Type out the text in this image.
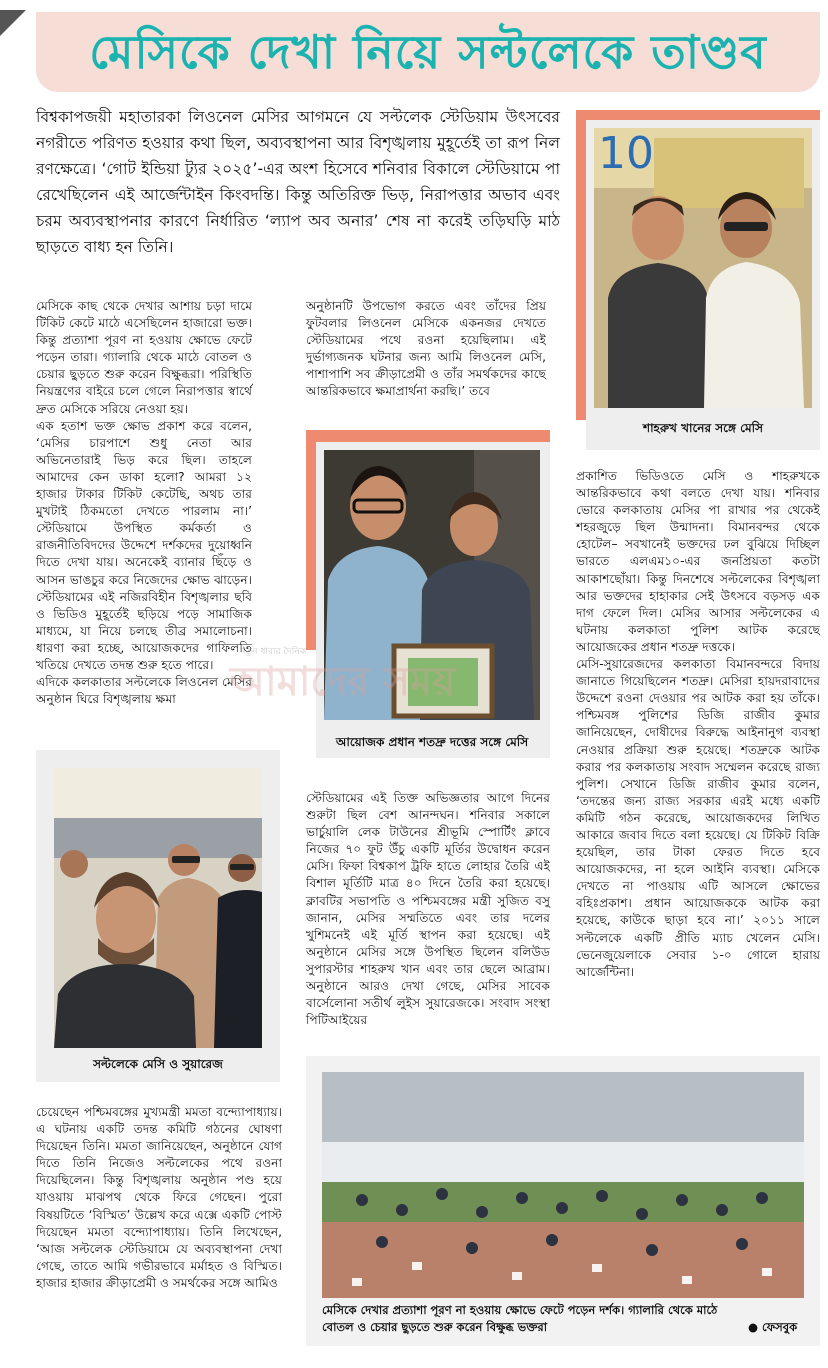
মেসিকে দেখা নিয়ে সল্টলেকে তাণ্ডব
বিশ্বকাপজয়ী মহাতারকা লিওনেল মেসির আগমনে যে সল্টলেক স্টেডিয়াম উৎসবের নগরীতে পরিণত হওয়ার কথা ছিল, অব্যবস্থাপনা আর বিশৃঙ্খলায় মুহূর্তেই তা রূপ নিল রণক্ষেত্রে। ‘গোট ইন্ডিয়া ট্যুর ২০২৫’-এর অংশ হিসেবে শনিবার বিকালে স্টেডিয়ামে পা রেখেছিলেন এই আর্জেন্টাইন কিংবদন্তি। কিন্তু অতিরিক্ত ভিড়, নিরাপত্তার অভাব এবং চরম অব্যবস্থাপনার কারণে নির্ধারিত ‘ল্যাপ অব অনার’ শেষ না করেই তড়িঘড়ি মাঠ ছাড়তে বাধ্য হন তিনি।
10
শাহরুখ খানের সঙ্গে মেসি
মেসিকে কাছ থেকে দেখার আশায় চড়া দামে টিকিট কেটে মাঠে এসেছিলেন হাজারো ভক্ত। কিন্তু প্রত্যাশা পূরণ না হওয়ায় ক্ষোভে ফেটে পড়েন তারা। গ্যালারি থেকে মাঠে বোতল ও চেয়ার ছুড়তে শুরু করেন বিক্ষুব্ধরা। পরিস্থিতি নিয়ন্ত্রণের বাইরে চলে গেলে নিরাপত্তার স্বার্থে দ্রুত মেসিকে সরিয়ে নেওয়া হয়।
এক হতাশ ভক্ত ক্ষোভ প্রকাশ করে বলেন, ‘মেসির চারপাশে শুধু নেতা আর অভিনেতারাই ভিড় করে ছিল। তাহলে আমাদের কেন ডাকা হলো? আমরা ১২ হাজার টাকার টিকিট কেটেছি, অথচ তার মুখটাই ঠিকমতো দেখতে পারলাম না।’ স্টেডিয়ামে উপস্থিত কর্মকর্তা ও রাজনীতিবিদদের উদ্দেশে দর্শকদের দুয়োধ্বনি দিতে দেখা যায়। অনেকেই ব্যানার ছিঁড়ে ও আসন ভাঙচুর করে নিজেদের ক্ষোভ ঝাড়েন। স্টেডিয়ামের এই নজিরবিহীন বিশৃঙ্খলার ছবি ও ভিডিও মুহূর্তেই ছড়িয়ে পড়ে সামাজিক মাধ্যমে, যা নিয়ে চলছে তীব্র সমালোচনা। ধারণা করা হচ্ছে, আয়োজকদের গাফিলতি খতিয়ে দেখতে তদন্ত শুরু হতে পারে।
এদিকে কলকাতার সল্টলেকে লিওনেল মেসির অনুষ্ঠান ঘিরে বিশৃঙ্খলায় ক্ষমা
অনুষ্ঠানটি উপভোগ করতে এবং তাঁদের প্রিয় ফুটবলার লিওনেল মেসিকে একনজর দেখতে স্টেডিয়ামের পথে রওনা হয়েছিলাম। এই দুর্ভাগ্যজনক ঘটনার জন্য আমি লিওনেল মেসি, পাশাপাশি সব ক্রীড়াপ্রেমী ও তাঁর সমর্থকদের কাছে আন্তরিকভাবে ক্ষমাপ্রার্থনা করছি।’ তবে
আয়োজক প্রধান শতদ্রু দত্তের সঙ্গে মেসি
প্রকাশিত ভিডিওতে মেসি ও শাহরুখকে আন্তরিকভাবে কথা বলতে দেখা যায়। শনিবার ভোরে কলকাতায় মেসির পা রাখার পর থেকেই শহরজুড়ে ছিল উন্মাদনা। বিমানবন্দর থেকে হোটেল– সবখানেই ভক্তদের ঢল বুঝিয়ে দিচ্ছিল ভারতে এলএম১০-এর জনপ্রিয়তা কতটা আকাশছোঁয়া। কিন্তু দিনশেষে সল্টলেকের বিশৃঙ্খলা আর ভক্তদের হাহাকার সেই উৎসবে বড়সড় এক দাগ ফেলে দিল। মেসির আসার সল্টলেকের এ ঘটনায় কলকাতা পুলিশ আটক করেছে আয়োজকের প্রধান শতদ্রু দত্তকে।
মেসি-সুয়ারেজদের কলকাতা বিমানবন্দরে বিদায় জানাতে গিয়েছিলেন শতদ্রু। মেসিরা হায়দরাবাদের উদ্দেশে রওনা দেওয়ার পর আটক করা হয় তাঁকে। পশ্চিমবঙ্গ পুলিশের ডিজি রাজীব কুমার জানিয়েছেন, দোষীদের বিরুদ্ধে আইনানুগ ব্যবস্থা নেওয়ার প্রক্রিয়া শুরু হয়েছে। শতদ্রুকে আটক করার পর কলকাতায় সংবাদ সম্মেলন করেছে রাজ্য পুলিশ। সেখানে ডিজি রাজীব কুমার বলেন, ‘তদন্তের জন্য রাজ্য সরকার এরই মধ্যে একটি কমিটি গঠন করেছে, আয়োজকদের লিখিত আকারে জবাব দিতে বলা হয়েছে। যে টিকিট বিক্রি হয়েছিল, তার টাকা ফেরত দিতে হবে আয়োজকদের, না হলে আইনি ব্যবস্থা। মেসিকে দেখতে না পাওয়ায় এটি আসলে ক্ষোভের বহিঃপ্রকাশ। প্রধান আয়োজককে আটক করা হয়েছে, কাউকে ছাড়া হবে না।’ ২০১১ সালে সল্টলেকে একটি প্রীতি ম্যাচ খেলেন মেসি। ভেনেজুয়েলাকে সেবার ১-০ গোলে হারায় আর্জেন্টিনা।
সল্টলেকে মেসি ও সুয়ারেজ
স্টেডিয়ামের এই তিক্ত অভিজ্ঞতার আগে দিনের শুরুটা ছিল বেশ আনন্দঘন। শনিবার সকালে ভার্চুয়ালি লেক টাউনের শ্রীভূমি স্পোর্টিং ক্লাবে নিজের ৭০ ফুট উঁচু একটি মূর্তির উদ্বোধন করেন মেসি। ফিফা বিশ্বকাপ ট্রফি হাতে লোহার তৈরি এই বিশাল মূর্তিটি মাত্র ৪০ দিনে তৈরি করা হয়েছে। ক্লাবটির সভাপতি ও পশ্চিমবঙ্গের মন্ত্রী সুজিত বসু জানান, মেসির সম্মতিতে এবং তার দলের খুশিমনেই এই মূর্তি স্থাপন করা হয়েছে। এই অনুষ্ঠানে মেসির সঙ্গে উপস্থিত ছিলেন বলিউড সুপারস্টার শাহরুখ খান এবং তার ছেলে আব্রাম। অনুষ্ঠানে আরও দেখা গেছে, মেসির সাবেক বার্সেলোনা সতীর্থ লুইস সুয়ারেজকে। সংবাদ সংস্থা পিটিআইয়ের
চেয়েছেন পশ্চিমবঙ্গের মুখ্যমন্ত্রী মমতা বন্দ্যোপাধ্যায়। এ ঘটনায় একটি তদন্ত কমিটি গঠনের ঘোষণা দিয়েছেন তিনি। মমতা জানিয়েছেন, অনুষ্ঠানে যোগ দিতে তিনি নিজেও সল্টলেকের পথে রওনা দিয়েছিলেন। কিন্তু বিশৃঙ্খলায় অনুষ্ঠান পণ্ড হয়ে যাওয়ায় মাঝপথ থেকে ফিরে গেছেন। পুরো বিষয়টিতে ‘বিস্মিত’ উল্লেখ করে এক্সে একটি পোস্ট দিয়েছেন মমতা বন্দ্যোপাধ্যায়। তিনি লিখেছেন, ‘আজ সল্টলেক স্টেডিয়ামে যে অব্যবস্থাপনা দেখা গেছে, তাতে আমি গভীরভাবে মর্মাহত ও বিস্মিত। হাজার হাজার ক্রীড়াপ্রেমী ও সমর্থকের সঙ্গে আমিও
মেসিকে দেখার প্রত্যাশা পূরণ না হওয়ায় ক্ষোভে ফেটে পড়েন দর্শক। গ্যালারি থেকে মাঠে বোতল ও চেয়ার ছুড়তে শুরু করেন বিক্ষুব্ধ ভক্তরা	● ফেসবুক
নতুন ধারার দৈনিক
আমাদের সময়
